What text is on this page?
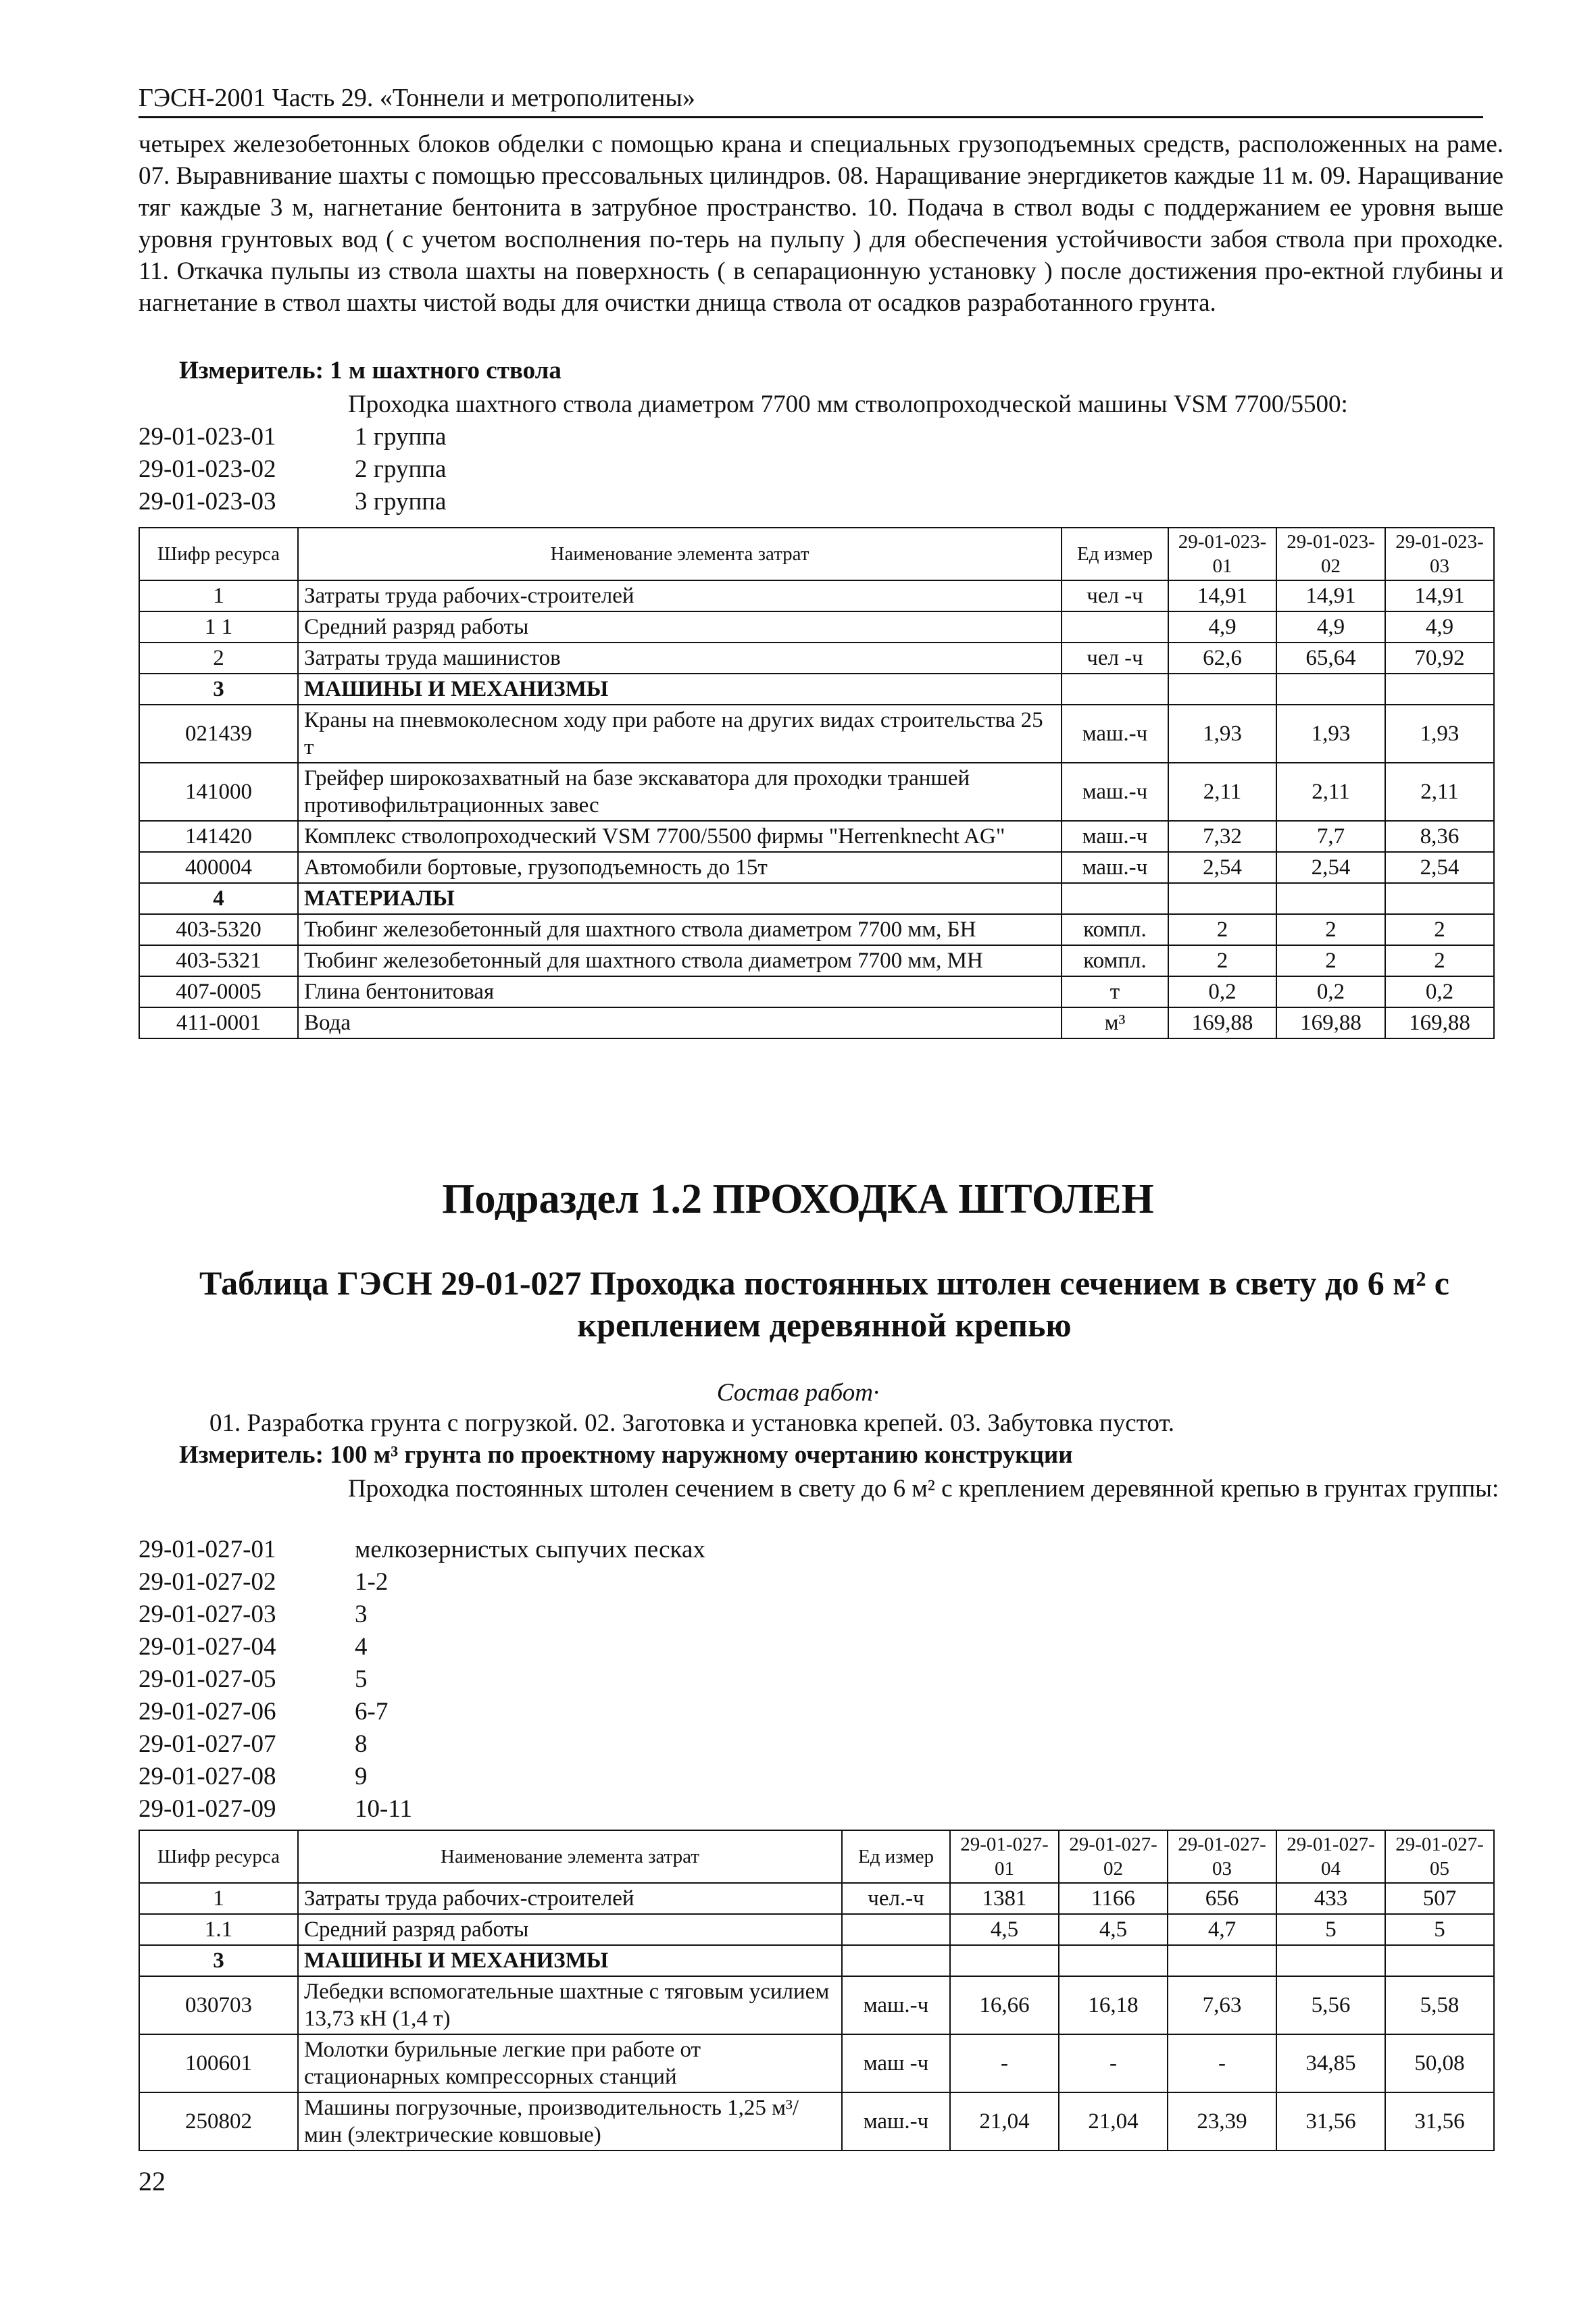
ГЭСН-2001 Часть 29. «Тоннели и метрополитены»

четырех железобетонных блоков обделки с помощью крана и специальных грузоподъемных средств, расположенных на раме. 07. Выравнивание шахты с помощью прессовальных цилиндров. 08. Наращивание энергдикетов каждые 11 м. 09. Наращивание тяг каждые 3 м, нагнетание бентонита в затрубное пространство. 10. Подача в ствол воды с поддержанием ее уровня выше уровня грунтовых вод ( с учетом восполнения по-терь на пульпу ) для обеспечения устойчивости забоя ствола при проходке. 11. Откачка пульпы из ствола шахты на поверхность ( в сепарационную установку ) после достижения про-ектной глубины и нагнетание в ствол шахты чистой воды для очистки днища ствола от осадков разработанного грунта.

Измеритель: 1 м шахтного ствола
Проходка шахтного ствола диаметром 7700 мм стволопроходческой машины VSM 7700/5500:
29-01-023-01	1 группа
29-01-023-02	2 группа
29-01-023-03	3 группа
Шифр ресурса	Наименование элемента затрат	Ед измер	29-01-023-01	29-01-023-02	29-01-023-03
1	Затраты труда рабочих-строителей	чел -ч	14,91	14,91	14,91
1 1	Средний разряд работы		4,9	4,9	4,9
2	Затраты труда машинистов	чел -ч	62,6	65,64	70,92
3	МАШИНЫ И МЕХАНИЗМЫ				
021439	Краны на пневмоколесном ходу при работе на других видах строительства 25 т	маш.-ч	1,93	1,93	1,93
141000	Грейфер широкозахватный на базе экскаватора для проходки траншей противофильтрационных завес	маш.-ч	2,11	2,11	2,11
141420	Комплекс стволопроходческий VSM 7700/5500 фирмы "Herrenknecht AG"	маш.-ч	7,32	7,7	8,36
400004	Автомобили бортовые, грузоподъемность до 15т	маш.-ч	2,54	2,54	2,54
4	МАТЕРИАЛЫ				
403-5320	Тюбинг железобетонный для шахтного ствола диаметром 7700 мм, БН	компл.	2	2	2
403-5321	Тюбинг железобетонный для шахтного ствола диаметром 7700 мм, МН	компл.	2	2	2
407-0005	Глина бентонитовая	т	0,2	0,2	0,2
411-0001	Вода	м³	169,88	169,88	169,88
Подраздел 1.2 ПРОХОДКА ШТОЛЕН
Таблица ГЭСН 29-01-027 Проходка постоянных штолен сечением в свету до 6 м² с креплением деревянной крепью
Состав работ·
01. Разработка грунта с погрузкой. 02. Заготовка и установка крепей. 03. Забутовка пустот.
Измеритель: 100 м³ грунта по проектному наружному очертанию конструкции
Проходка постоянных штолен сечением в свету до 6 м² с креплением деревянной крепью в грунтах группы:
29-01-027-01	мелкозернистых сыпучих песках
29-01-027-02	1-2
29-01-027-03	3
29-01-027-04	4
29-01-027-05	5
29-01-027-06	6-7
29-01-027-07	8
29-01-027-08	9
29-01-027-09	10-11
Шифр ресурса	Наименование элемента затрат	Ед измер	29-01-027-01	29-01-027-02	29-01-027-03	29-01-027-04	29-01-027-05
1	Затраты труда рабочих-строителей	чел.-ч	1381	1166	656	433	507
1.1	Средний разряд работы		4,5	4,5	4,7	5	5
3	МАШИНЫ И МЕХАНИЗМЫ						
030703	Лебедки вспомогательные шахтные с тяговым усилием 13,73 кН (1,4 т)	маш.-ч	16,66	16,18	7,63	5,56	5,58
100601	Молотки бурильные легкие при работе от стационарных компрессорных станций	маш -ч	-	-	-	34,85	50,08
250802	Машины погрузочные, производительность 1,25 м³/мин (электрические ковшовые)	маш.-ч	21,04	21,04	23,39	31,56	31,56
22
